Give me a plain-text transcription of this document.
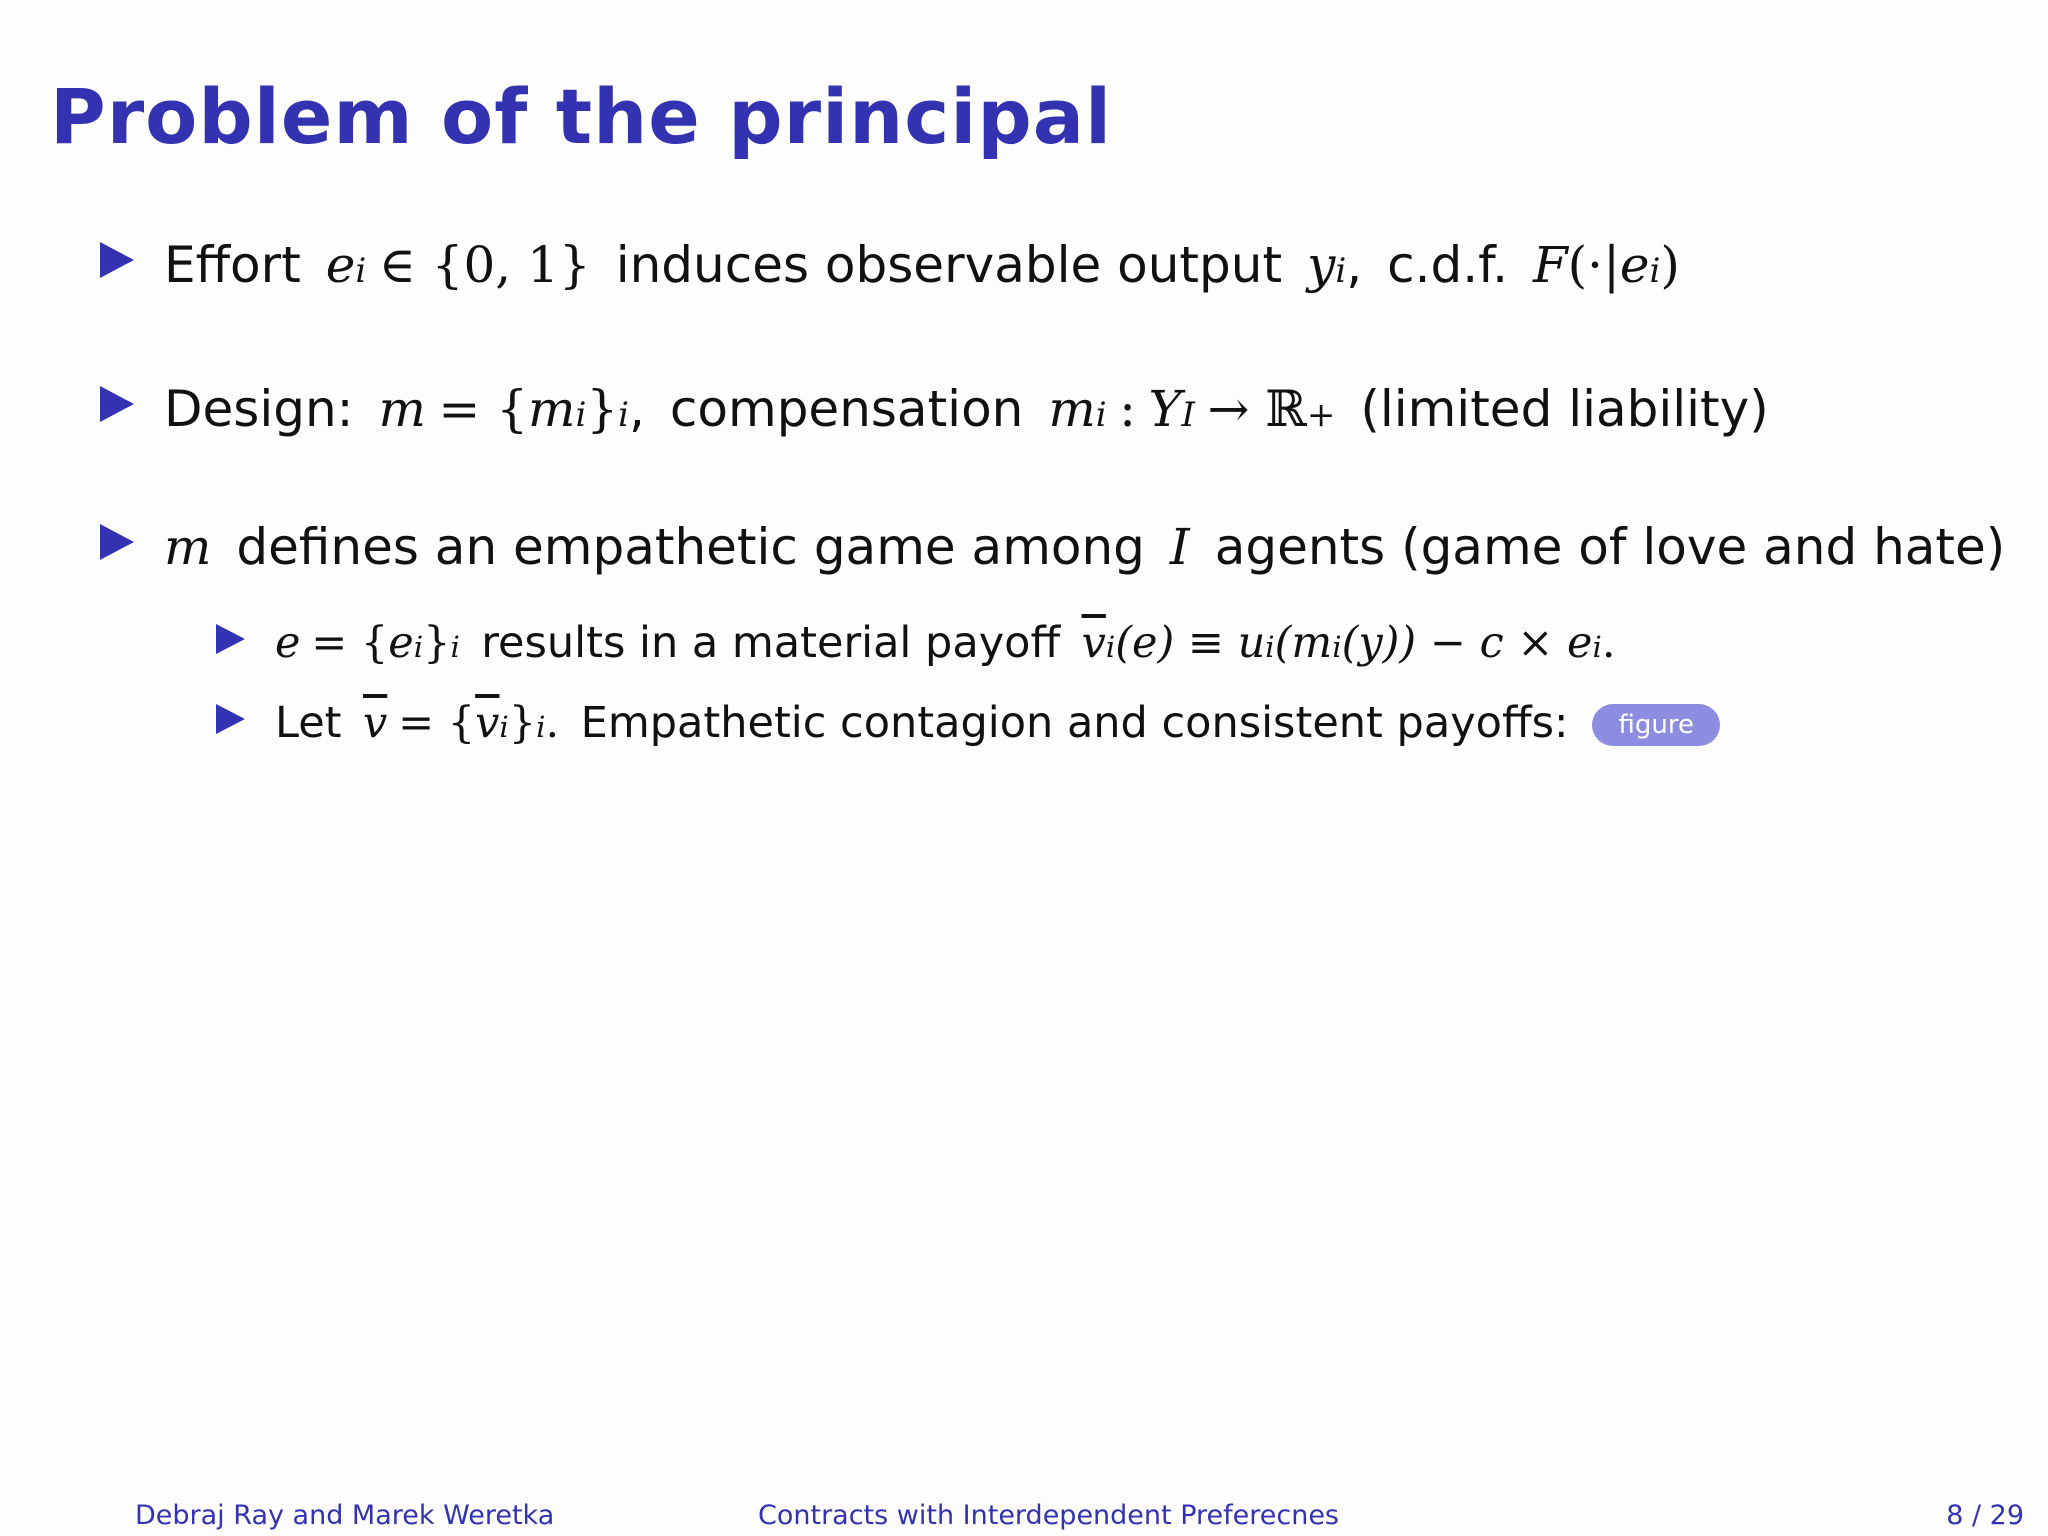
Problem of the principal
Effort e i ∈ {0, 1} induces observable output y i , c.d.f. F (·| e i )
Design: m = { m i } i , compensation m i : Y I → ℝ + (limited liability)
m defines an empathetic game among I agents (game of love and hate)
e = { e i } i results in a material payoff $\overline{v}$ i (e) ≡ u i (m i (y)) − c × e i .
Let $\overline{v}$ = { $\overline{v}$ i } i . Empathetic contagion and consistent payoffs:	figure
Debraj Ray and Marek Weretka	Contracts with Interdependent Preferecnes	8 / 29
